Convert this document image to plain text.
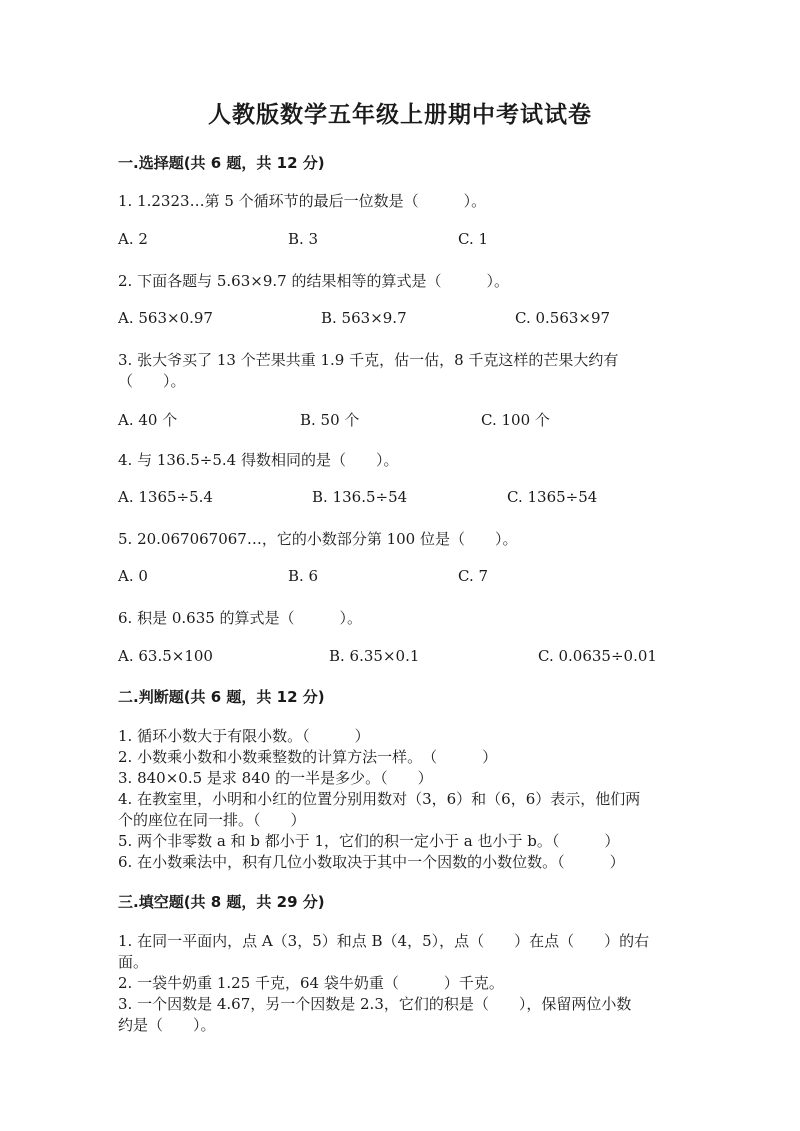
人教版数学五年级上册期中考试试卷
一.选择题(共 6 题，共 12 分)
1. 1.2323…第 5 个循环节的最后一位数是（　　　）。
A. 2	B. 3	C. 1
2. 下面各题与 5.63×9.7 的结果相等的算式是（　　　）。
A. 563×0.97	B. 563×9.7	C. 0.563×97
3. 张大爷买了 13 个芒果共重 1.9 千克，估一估，8 千克这样的芒果大约有
（　　）。
A. 40 个	B. 50 个	C. 100 个
4. 与 136.5÷5.4 得数相同的是（　　）。
A. 1365÷5.4	B. 136.5÷54	C. 1365÷54
5. 20.067067067…，它的小数部分第 100 位是（　　）。
A. 0	B. 6	C. 7
6. 积是 0.635 的算式是（　　　）。
A. 63.5×100	B. 6.35×0.1	C. 0.0635÷0.01
二.判断题(共 6 题，共 12 分)
1. 循环小数大于有限小数。（　　　）
2. 小数乘小数和小数乘整数的计算方法一样。　（　　　）
3. 840×0.5 是求 840 的一半是多少。（　　）
4. 在教室里，小明和小红的位置分别用数对（3，6）和（6，6）表示，他们两
个的座位在同一排。（　　）
5. 两个非零数 a 和 b 都小于 1，它们的积一定小于 a 也小于 b。（　　　）
6. 在小数乘法中，积有几位小数取决于其中一个因数的小数位数。（　　　）
三.填空题(共 8 题，共 29 分)
1. 在同一平面内，点 A（3，5）和点 B（4，5），点（　　）在点（　　）的右
面。
2. 一袋牛奶重 1.25 千克，64 袋牛奶重（　　　）千克。
3. 一个因数是 4.67，另一个因数是 2.3，它们的积是（　　），保留两位小数
约是（　　）。
